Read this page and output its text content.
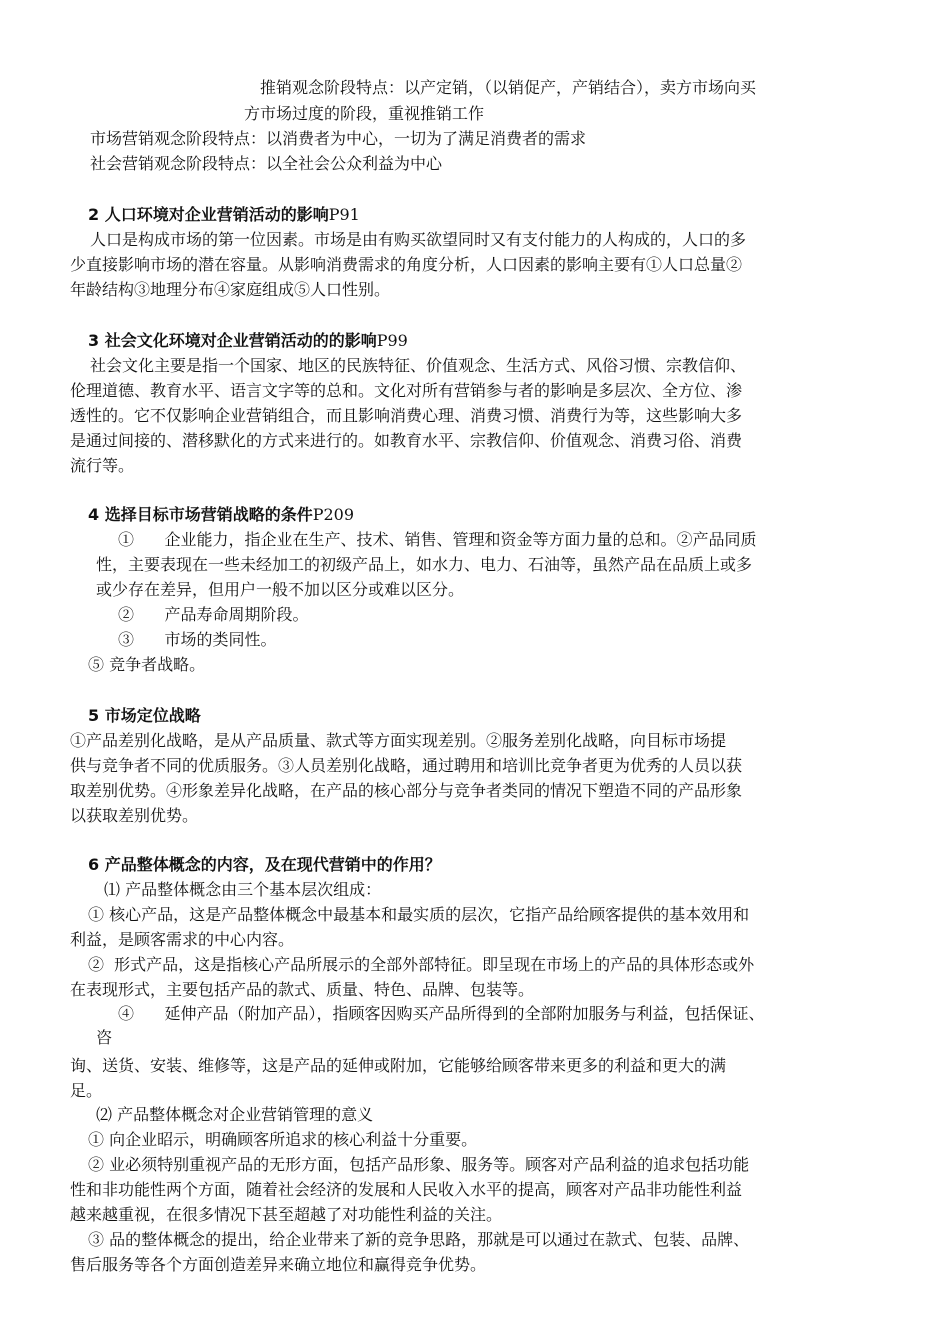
推销观念阶段特点：以产定销，（以销促产，产销结合），卖方市场向买
方市场过度的阶段，重视推销工作
市场营销观念阶段特点：以消费者为中心，一切为了满足消费者的需求
社会营销观念阶段特点：以全社会公众利益为中心
2 人口环境对企业营销活动的影响P91
人口是构成市场的第一位因素。市场是由有购买欲望同时又有支付能力的人构成的，人口的多
少直接影响市场的潜在容量。从影响消费需求的角度分析，人口因素的影响主要有①人口总量②
年龄结构③地理分布④家庭组成⑤人口性别。
3 社会文化环境对企业营销活动的的影响P99
社会文化主要是指一个国家、地区的民族特征、价值观念、生活方式、风俗习惯、宗教信仰、
伦理道德、教育水平、语言文字等的总和。文化对所有营销参与者的影响是多层次、全方位、渗
透性的。它不仅影响企业营销组合，而且影响消费心理、消费习惯、消费行为等，这些影响大多
是通过间接的、潜移默化的方式来进行的。如教育水平、宗教信仰、价值观念、消费习俗、消费
流行等。
4 选择目标市场营销战略的条件P209
①      企业能力，指企业在生产、技术、销售、管理和资金等方面力量的总和。②产品同质
性，主要表现在一些未经加工的初级产品上，如水力、电力、石油等，虽然产品在品质上或多
或少存在差异，但用户一般不加以区分或难以区分。
②      产品寿命周期阶段。
③      市场的类同性。
⑤ 竞争者战略。
5 市场定位战略
①产品差别化战略，是从产品质量、款式等方面实现差别。②服务差别化战略，向目标市场提
供与竞争者不同的优质服务。③人员差别化战略，通过聘用和培训比竞争者更为优秀的人员以获
取差别优势。④形象差异化战略，在产品的核心部分与竞争者类同的情况下塑造不同的产品形象
以获取差别优势。
6 产品整体概念的内容，及在现代营销中的作用？
⑴ 产品整体概念由三个基本层次组成：
① 核心产品，这是产品整体概念中最基本和最实质的层次，它指产品给顾客提供的基本效用和
利益，是顾客需求的中心内容。
②  形式产品，这是指核心产品所展示的全部外部特征。即呈现在市场上的产品的具体形态或外
在表现形式，主要包括产品的款式、质量、特色、品牌、包装等。
④      延伸产品（附加产品），指顾客因购买产品所得到的全部附加服务与利益，包括保证、
咨
询、送货、安装、维修等，这是产品的延伸或附加，它能够给顾客带来更多的利益和更大的满
足。
⑵ 产品整体概念对企业营销管理的意义
① 向企业昭示，明确顾客所追求的核心利益十分重要。
② 业必须特别重视产品的无形方面，包括产品形象、服务等。顾客对产品利益的追求包括功能
性和非功能性两个方面，随着社会经济的发展和人民收入水平的提高，顾客对产品非功能性利益
越来越重视，在很多情况下甚至超越了对功能性利益的关注。
③ 品的整体概念的提出，给企业带来了新的竞争思路，那就是可以通过在款式、包装、品牌、
售后服务等各个方面创造差异来确立地位和赢得竞争优势。
